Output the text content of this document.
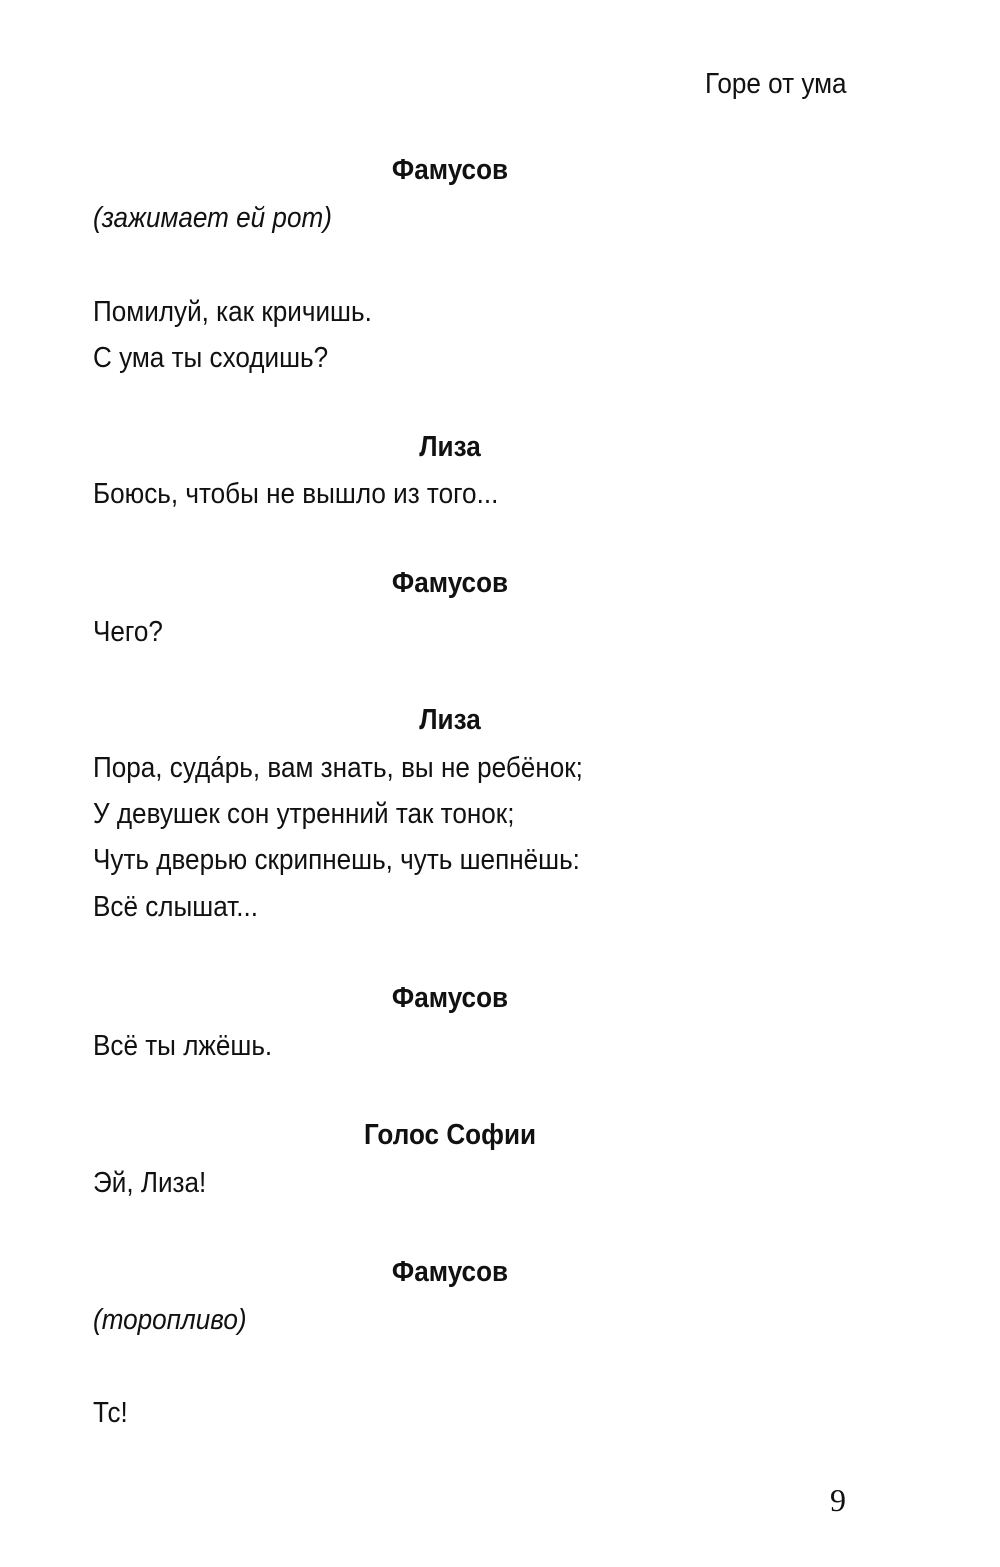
Горе от ума
Фамусов
(зажимает ей рот)
Помилуй, как кричишь.
С ума ты сходишь?
Лиза
Боюсь, чтобы не вышло из того...
Фамусов
Чего?
Лиза
Пора, суда́рь, вам знать, вы не ребёнок;
У девушек сон утренний так тонок;
Чуть дверью скрипнешь, чуть шепнёшь:
Всё слышат...
Фамусов
Всё ты лжёшь.
Голос Софии
Эй, Лиза!
Фамусов
(торопливо)
Тс!
9
